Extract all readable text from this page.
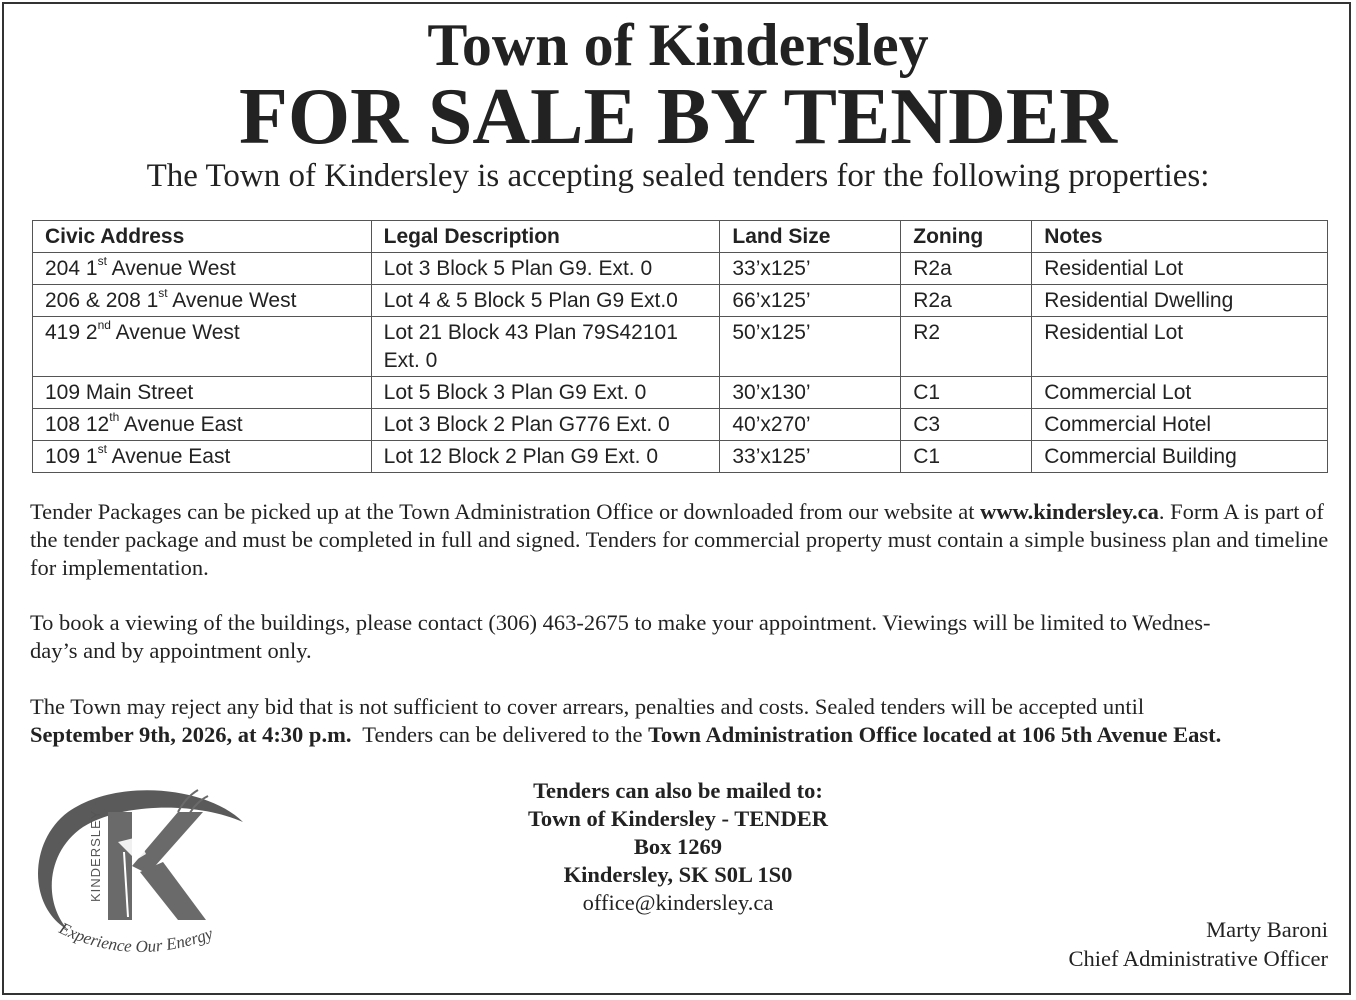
Town of Kindersley
FOR SALE BY TENDER
The Town of Kindersley is accepting sealed tenders for the following properties:
Civic Address	Legal Description	Land Size	Zoning	Notes
204 1st Avenue West	Lot 3 Block 5 Plan G9. Ext. 0	33’x125’	R2a	Residential Lot
206 & 208 1st Avenue West	Lot 4 & 5 Block 5 Plan G9 Ext.0	66’x125’	R2a	Residential Dwelling
419 2nd Avenue West	Lot 21 Block 43 Plan 79S42101 Ext. 0	50’x125’	R2	Residential Lot
109 Main Street	Lot 5 Block 3 Plan G9 Ext. 0	30’x130’	C1	Commercial Lot
108 12th Avenue East	Lot 3 Block 2 Plan G776 Ext. 0	40’x270’	C3	Commercial Hotel
109 1st Avenue East	Lot 12 Block 2 Plan G9 Ext. 0	33’x125’	C1	Commercial Building
Tender Packages can be picked up at the Town Administration Office or downloaded from our website at www.kindersley.ca. Form A is part of the tender package and must be completed in full and signed. Tenders for commercial property must contain a simple business plan and timeline for implementation.
To book a viewing of the buildings, please contact (306) 463-2675 to make your appointment. Viewings will be limited to Wednes-
day’s and by appointment only.
The Town may reject any bid that is not sufficient to cover arrears, penalties and costs. Sealed tenders will be accepted until
September 9th, 2026, at 4:30 p.m.  Tenders can be delivered to the Town Administration Office located at 106 5th Avenue East.
Tenders can also be mailed to:
Town of Kindersley - TENDER
Box 1269
Kindersley, SK S0L 1S0
office@kindersley.ca
Marty Baroni
Chief Administrative Officer
KINDERSLEY
Experience Our Energy
